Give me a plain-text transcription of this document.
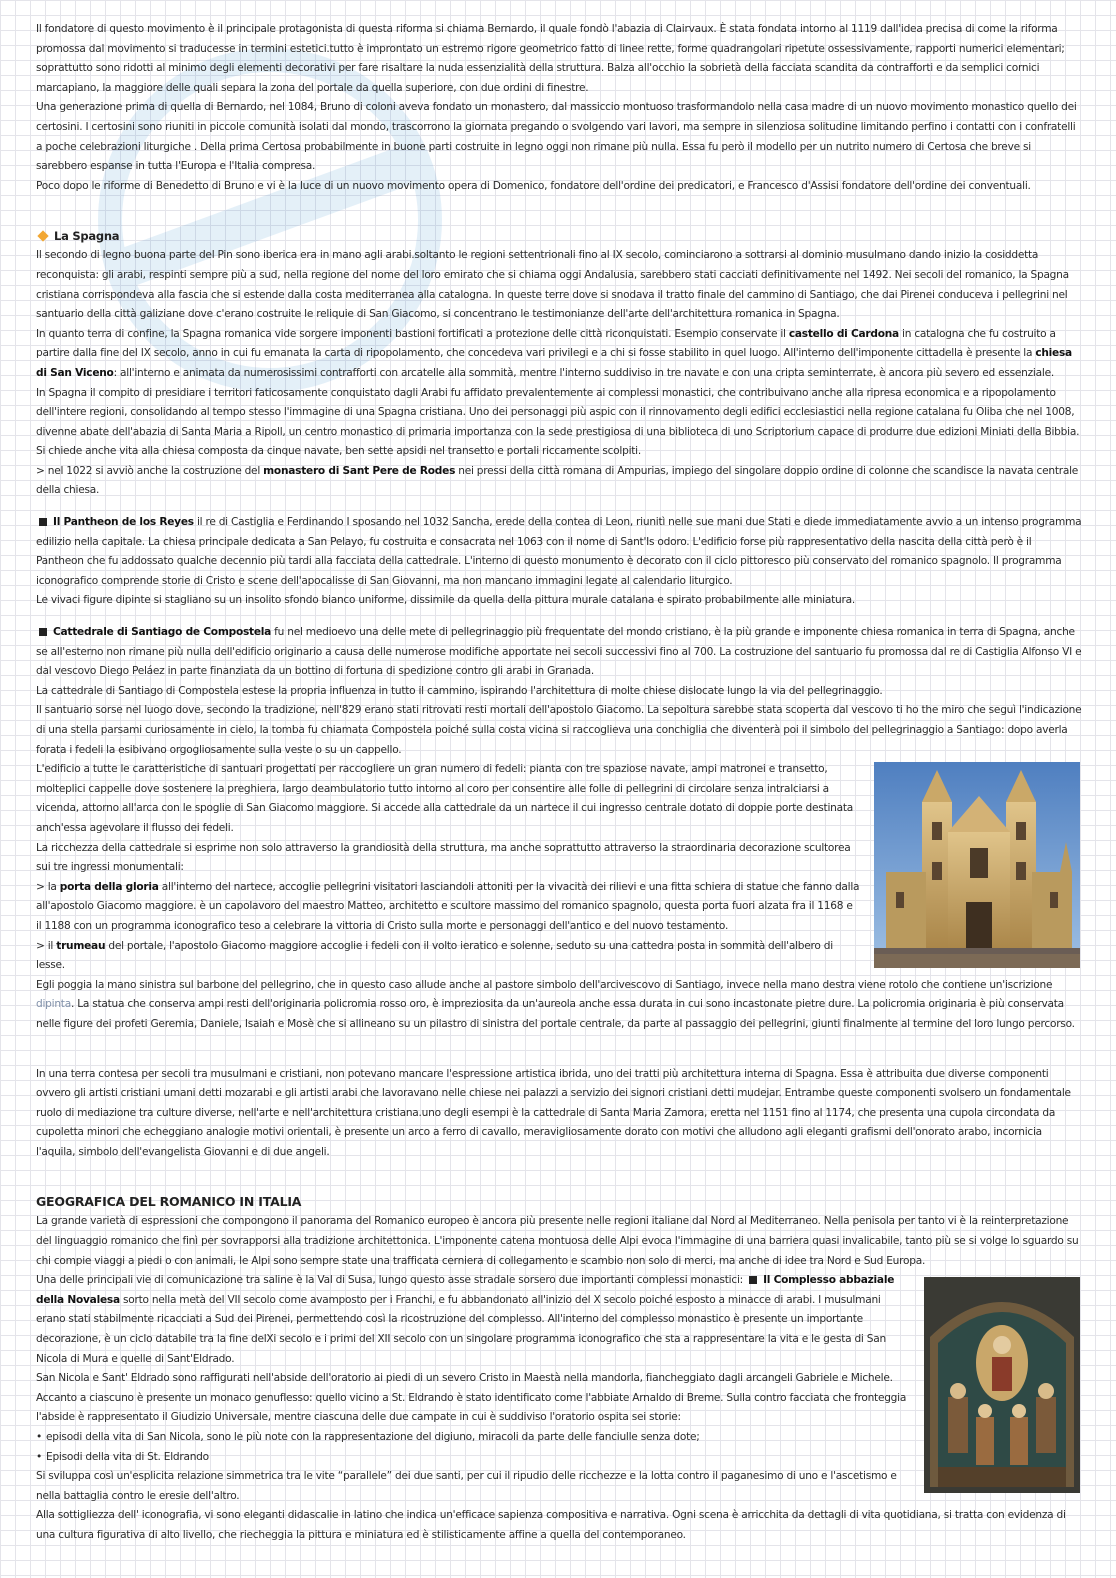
Il fondatore di questo movimento è il principale protagonista di questa riforma si chiama Bernardo, il quale fondò l'abazia di Clairvaux. È stata fondata intorno al 1119 dall'idea precisa di come la riforma promossa dal movimento si traducesse in termini estetici.tutto è improntato un estremo rigore geometrico fatto di linee rette, forme quadrangolari ripetute ossessivamente, rapporti numerici elementari; soprattutto sono ridotti al minimo degli elementi decorativi per fare risaltare la nuda essenzialità della struttura. Balza all'occhio la sobrietà della facciata scandita da contrafforti e da semplici cornici marcapiano, la maggiore delle quali separa la zona del portale da quella superiore, con due ordini di finestre.

Una generazione prima di quella di Bernardo, nel 1084, Bruno di coloni aveva fondato un monastero, dal massiccio montuoso trasformandolo nella casa madre di un nuovo movimento monastico quello dei certosini. I certosini sono riuniti in piccole comunità isolati dal mondo, trascorrono la giornata pregando o svolgendo vari lavori, ma sempre in silenziosa solitudine limitando perfino i contatti con i confratelli a poche celebrazioni liturgiche . Della prima Certosa probabilmente in buone parti costruite in legno oggi non rimane più nulla. Essa fu però il modello per un nutrito numero di Certosa che breve si sarebbero espanse in tutta l'Europa e l'Italia compresa.

Poco dopo le riforme di Benedetto di Bruno e vi è la luce di un nuovo movimento opera di Domenico, fondatore dell'ordine dei predicatori, e Francesco d'Assisi fondatore dell'ordine dei conventuali.

La Spagna

Il secondo di legno buona parte del Pin sono iberica era in mano agli arabi.soltanto le regioni settentrionali fino al IX secolo, cominciarono a sottrarsi al dominio musulmano dando inizio la cosiddetta reconquista: gli arabi, respinti sempre più a sud, nella regione del nome del loro emirato che si chiama oggi Andalusia, sarebbero stati cacciati definitivamente nel 1492. Nei secoli del romanico, la Spagna cristiana corrispondeva alla fascia che si estende dalla costa mediterranea alla catalogna. In queste terre dove si snodava il tratto finale del cammino di Santiago, che dai Pirenei conduceva i pellegrini nel santuario della città galiziane dove c'erano costruite le reliquie di San Giacomo, si concentrano le testimonianze dell'arte dell'architettura romanica in Spagna.

In quanto terra di confine, la Spagna romanica vide sorgere imponenti bastioni fortificati a protezione delle città riconquistati. Esempio conservate il castello di Cardona in catalogna che fu costruito a partire dalla fine del IX secolo, anno in cui fu emanata la carta di ripopolamento, che concedeva vari privilegi e a chi si fosse stabilito in quel luogo. All'interno dell'imponente cittadella è presente la chiesa di San Viceno: all'interno e animata da numerosissimi contrafforti con arcatelle alla sommità, mentre l'interno suddiviso in tre navate e con una cripta seminterrate, è ancora più severo ed essenziale.

In Spagna il compito di presidiare i territori faticosamente conquistato dagli Arabi fu affidato prevalentemente ai complessi monastici, che contribuivano anche alla ripresa economica e a ripopolamento dell'intere regioni, consolidando al tempo stesso l'immagine di una Spagna cristiana. Uno dei personaggi più aspic con il rinnovamento degli edifici ecclesiastici nella regione catalana fu Oliba che nel 1008, divenne abate dell'abazia di Santa Maria a Ripoll, un centro monastico di primaria importanza con la sede prestigiosa di una biblioteca di uno Scriptorium capace di produrre due edizioni Miniati della Bibbia.

Si chiede anche vita alla chiesa composta da cinque navate, ben sette apsidi nel transetto e portali riccamente scolpiti.

> nel 1022 si avviò anche la costruzione del monastero di Sant Pere de Rodes nei pressi della città romana di Ampurias, impiego del singolare doppio ordine di colonne che scandisce la navata centrale della chiesa.

Il Pantheon de los Reyes il re di Castiglia e Ferdinando I sposando nel 1032 Sancha, erede della contea di Leon, riunitì nelle sue mani due Stati e diede immediatamente avvio a un intenso programma edilizio nella capitale. La chiesa principale dedicata a San Pelayo, fu costruita e consacrata nel 1063 con il nome di Sant'Is odoro. L'edificio forse più rappresentativo della nascita della città però è il Pantheon che fu addossato qualche decennio più tardi alla facciata della cattedrale. L'interno di questo monumento è decorato con il ciclo pittoresco più conservato del romanico spagnolo. Il programma iconografico comprende storie di Cristo e scene dell'apocalisse di San Giovanni, ma non mancano immagini legate al calendario liturgico.

Le vivaci figure dipinte si stagliano su un insolito sfondo bianco uniforme, dissimile da quella della pittura murale catalana e spirato probabilmente alle miniatura.

Cattedrale di Santiago de Compostela fu nel medioevo una delle mete di pellegrinaggio più frequentate del mondo cristiano, è la più grande e imponente chiesa romanica in terra di Spagna, anche se all'esterno non rimane più nulla dell'edificio originario a causa delle numerose modifiche apportate nei secoli successivi fino al 700. La costruzione del santuario fu promossa dal re di Castiglia Alfonso VI e dal vescovo Diego Peláez in parte finanziata da un bottino di fortuna di spedizione contro gli arabi in Granada.

La cattedrale di Santiago di Compostela estese la propria influenza in tutto il cammino, ispirando l'architettura di molte chiese dislocate lungo la via del pellegrinaggio.

Il santuario sorse nel luogo dove, secondo la tradizione, nell'829 erano stati ritrovati resti mortali dell'apostolo Giacomo. La sepoltura sarebbe stata scoperta dal vescovo ti ho the miro che seguì l'indicazione di una stella parsami curiosamente in cielo, la tomba fu chiamata Compostela poiché sulla costa vicina si raccoglieva una conchiglia che diventerà poi il simbolo del pellegrinaggio a Santiago: dopo averla forata i fedeli la esibivano orgogliosamente sulla veste o su un cappello.

L'edificio a tutte le caratteristiche di santuari progettati per raccogliere un gran numero di fedeli: pianta con tre spaziose navate, ampi matronei e transetto, molteplici cappelle dove sostenere la preghiera, largo deambulatorio tutto intorno al coro per consentire alle folle di pellegrini di circolare senza intralciarsi a vicenda, attorno all'arca con le spoglie di San Giacomo maggiore. Si accede alla cattedrale da un nartece il cui ingresso centrale dotato di doppie porte destinata anch'essa agevolare il flusso dei fedeli.

La ricchezza della cattedrale si esprime non solo attraverso la grandiosità della struttura, ma anche soprattutto attraverso la straordinaria decorazione scultorea sui tre ingressi monumentali:

> la porta della gloria all'interno del nartece, accoglie pellegrini visitatori lasciandoli attoniti per la vivacità dei rilievi e una fitta schiera di statue che fanno dalla all'apostolo Giacomo maggiore. è un capolavoro del maestro Matteo, architetto e scultore massimo del romanico spagnolo, questa porta fuori alzata fra il 1168 e il 1188 con un programma iconografico teso a celebrare la vittoria di Cristo sulla morte e personaggi dell'antico e del nuovo testamento.

> il trumeau del portale, l'apostolo Giacomo maggiore accoglie i fedeli con il volto ieratico e solenne, seduto su una cattedra posta in sommità dell'albero di lesse.

Egli poggia la mano sinistra sul barbone del pellegrino, che in questo caso allude anche al pastore simbolo dell'arcivescovo di Santiago, invece nella mano destra viene rotolo che contiene un'iscrizione dipinta. La statua che conserva ampi resti dell'originaria policromia rosso oro, è impreziosita da un'aureola anche essa durata in cui sono incastonate pietre dure. La policromia originaria è più conservata nelle figure dei profeti Geremia, Daniele, Isaiah e Mosè che si allineano su un pilastro di sinistra del portale centrale, da parte al passaggio dei pellegrini, giunti finalmente al termine del loro lungo percorso.

In una terra contesa per secoli tra musulmani e cristiani, non potevano mancare l'espressione artistica ibrida, uno dei tratti più architettura interna di Spagna. Essa è attribuita due diverse componenti ovvero gli artisti cristiani umani detti mozarabi e gli artisti arabi che lavoravano nelle chiese nei palazzi a servizio dei signori cristiani detti mudejar. Entrambe queste componenti svolsero un fondamentale ruolo di mediazione tra culture diverse, nell'arte e nell'architettura cristiana.uno degli esempi è la cattedrale di Santa Maria Zamora, eretta nel 1151 fino al 1174, che presenta una cupola circondata da cupoletta minori che echeggiano analogie motivi orientali, è presente un arco a ferro di cavallo, meravigliosamente dorato con motivi che alludono agli eleganti grafismi dell'onorato arabo, incornicia l'aquila, simbolo dell'evangelista Giovanni e di due angeli.

GEOGRAFICA DEL ROMANICO IN ITALIA

La grande varietà di espressioni che compongono il panorama del Romanico europeo è ancora più presente nelle regioni italiane dal Nord al Mediterraneo. Nella penisola per tanto vi è la reinterpretazione del linguaggio romanico che finì per sovrapporsi alla tradizione architettonica. L'imponente catena montuosa delle Alpi evoca l'immagine di una barriera quasi invalicabile, tanto più se si volge lo sguardo su chi compie viaggi a piedi o con animali, le Alpi sono sempre state una trafficata cerniera di collegamento e scambio non solo di merci, ma anche di idee tra Nord e Sud Europa.

Una delle principali vie di comunicazione tra saline è la Val di Susa, lungo questo asse stradale sorsero due importanti complessi monastici: Il Complesso abbaziale della Novalesa sorto nella metà del VII secolo come avamposto per i Franchi, e fu abbandonato all'inizio del X secolo poiché esposto a minacce di arabi. I musulmani erano stati stabilmente ricacciati a Sud dei Pirenei, permettendo così la ricostruzione del complesso. All'interno del complesso monastico è presente un importante decorazione, è un ciclo databile tra la fine delXi secolo e i primi del XII secolo con un singolare programma iconografico che sta a rappresentare la vita e le gesta di San Nicola di Mura e quelle di Sant'Eldrado.

San Nicola e Sant' Eldrado sono raffigurati nell'abside dell'oratorio ai piedi di un severo Cristo in Maestà nella mandorla, fiancheggiato dagli arcangeli Gabriele e Michele. Accanto a ciascuno è presente un monaco genuflesso: quello vicino a St. Eldrando è stato identificato come l'abbiate Arnaldo di Breme. Sulla contro facciata che fronteggia l'abside è rappresentato il Giudizio Universale, mentre ciascuna delle due campate in cui è suddiviso l'oratorio ospita sei storie:

• episodi della vita di San Nicola, sono le più note con la rappresentazione del digiuno, miracoli da parte delle fanciulle senza dote;

• Episodi della vita di St. Eldrando

Si sviluppa così un'esplicita relazione simmetrica tra le vite “parallele” dei due santi, per cui il ripudio delle ricchezze e la lotta contro il paganesimo di uno e l'ascetismo e nella battaglia contro le eresie dell'altro.

Alla sottigliezza dell' iconografia, vi sono eleganti didascalie in latino che indica un'efficace sapienza compositiva e narrativa. Ogni scena è arricchita da dettagli di vita quotidiana, si tratta con evidenza di una cultura figurativa di alto livello, che riecheggia la pittura e miniatura ed è stilisticamente affine a quella del contemporaneo.
